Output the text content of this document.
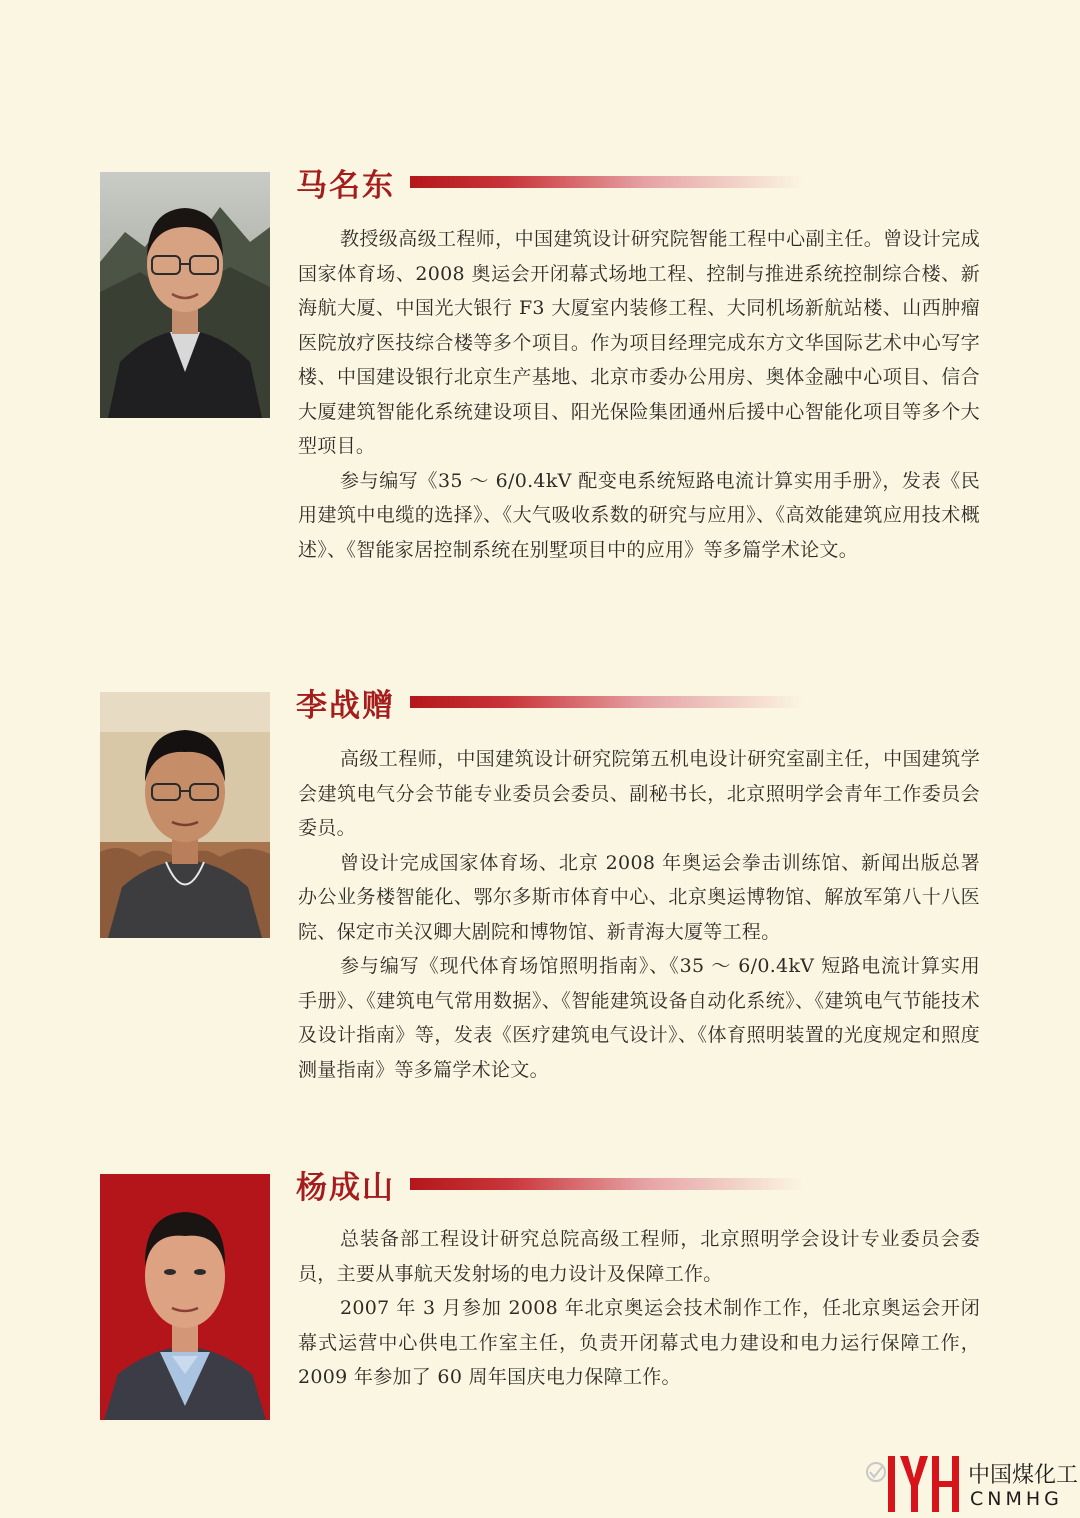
马名东

教授级高级工程师，中国建筑设计研究院智能工程中心副主任。曾设计完成国家体育场、2008 奥运会开闭幕式场地工程、控制与推进系统控制综合楼、新海航大厦、中国光大银行 F3 大厦室内装修工程、大同机场新航站楼、山西肿瘤医院放疗医技综合楼等多个项目。作为项目经理完成东方文华国际艺术中心写字楼、中国建设银行北京生产基地、北京市委办公用房、奥体金融中心项目、信合大厦建筑智能化系统建设项目、阳光保险集团通州后援中心智能化项目等多个大型项目。

参与编写《35 ～ 6/0.4kV 配变电系统短路电流计算实用手册》，发表《民用建筑中电缆的选择》、《大气吸收系数的研究与应用》、《高效能建筑应用技术概述》、《智能家居控制系统在别墅项目中的应用》等多篇学术论文。

李战赠

高级工程师，中国建筑设计研究院第五机电设计研究室副主任，中国建筑学会建筑电气分会节能专业委员会委员、副秘书长，北京照明学会青年工作委员会委员。

曾设计完成国家体育场、北京 2008 年奥运会拳击训练馆、新闻出版总署办公业务楼智能化、鄂尔多斯市体育中心、北京奥运博物馆、解放军第八十八医院、保定市关汉卿大剧院和博物馆、新青海大厦等工程。

参与编写《现代体育场馆照明指南》、《35 ～ 6/0.4kV 短路电流计算实用手册》、《建筑电气常用数据》、《智能建筑设备自动化系统》、《建筑电气节能技术及设计指南》等，发表《医疗建筑电气设计》、《体育照明装置的光度规定和照度测量指南》等多篇学术论文。

杨成山

总装备部工程设计研究总院高级工程师，北京照明学会设计专业委员会委员，主要从事航天发射场的电力设计及保障工作。

2007 年 3 月参加 2008 年北京奥运会技术制作工作，任北京奥运会开闭幕式运营中心供电工作室主任，负责开闭幕式电力建设和电力运行保障工作，2009 年参加了 60 周年国庆电力保障工作。

中国煤化工
CNMHG
